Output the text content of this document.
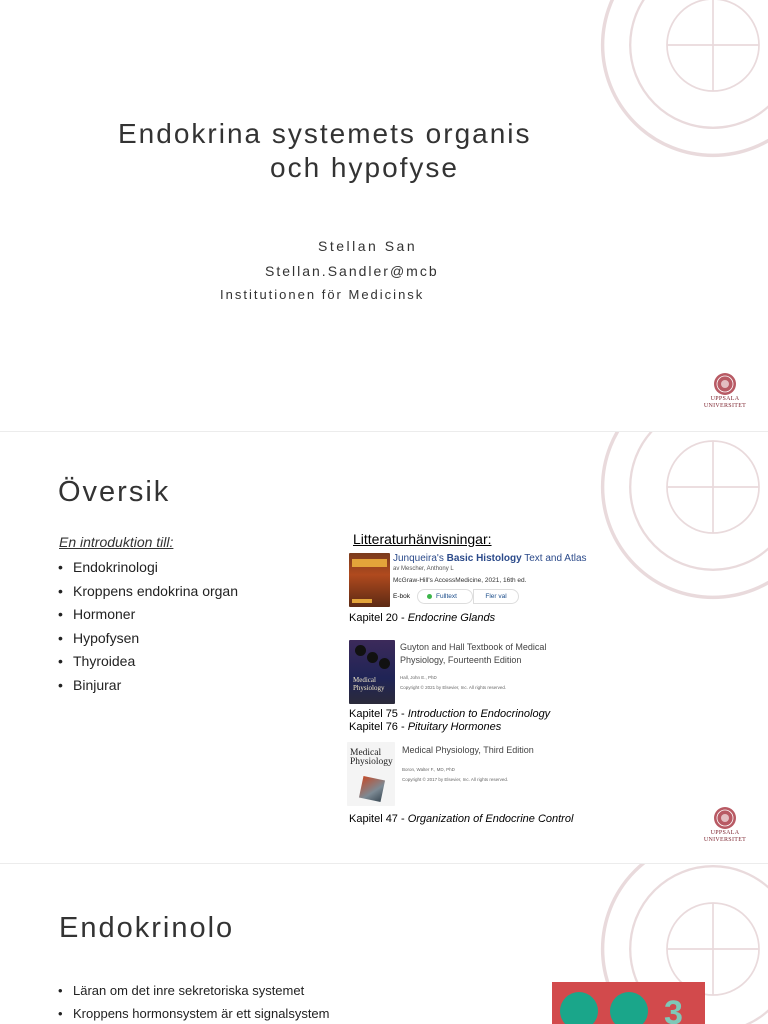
Endokrina systemets organis
och hypofyse
Stellan San
Stellan.Sandler@mcb
Institutionen för Medicinsk
UPPSALA
UNIVERSITET
Översik
En introduktion till:
• Endokrinologi
• Kroppens endokrina organ
• Hormoner
• Hypofysen
• Thyroidea
• Binjurar
Litteraturhänvisningar:
Junqueira's Basic Histology Text and Atlas
av Mescher, Anthony L
McGraw-Hill's AccessMedicine, 2021, 16th ed.
E-bok	Fulltext	Fler val
Kapitel 20 - Endocrine Glands
Medical
Physiology
Guyton and Hall Textbook of Medical
Physiology, Fourteenth Edition
Hall, John E., PhD
Copyright © 2021 by Elsevier, Inc. All rights reserved.
Kapitel 75 - Introduction to Endocrinology
Kapitel 76 - Pituitary Hormones
Medical
Physiology
Medical Physiology, Third Edition
Boron, Walter F., MD, PhD
Copyright © 2017 by Elsevier, Inc. All rights reserved.
Kapitel 47 - Organization of Endocrine Control
UPPSALA
UNIVERSITET
Endokrinolo
• Läran om det inre sekretoriska systemet
• Kroppens hormonsystem är ett signalsystem	3
